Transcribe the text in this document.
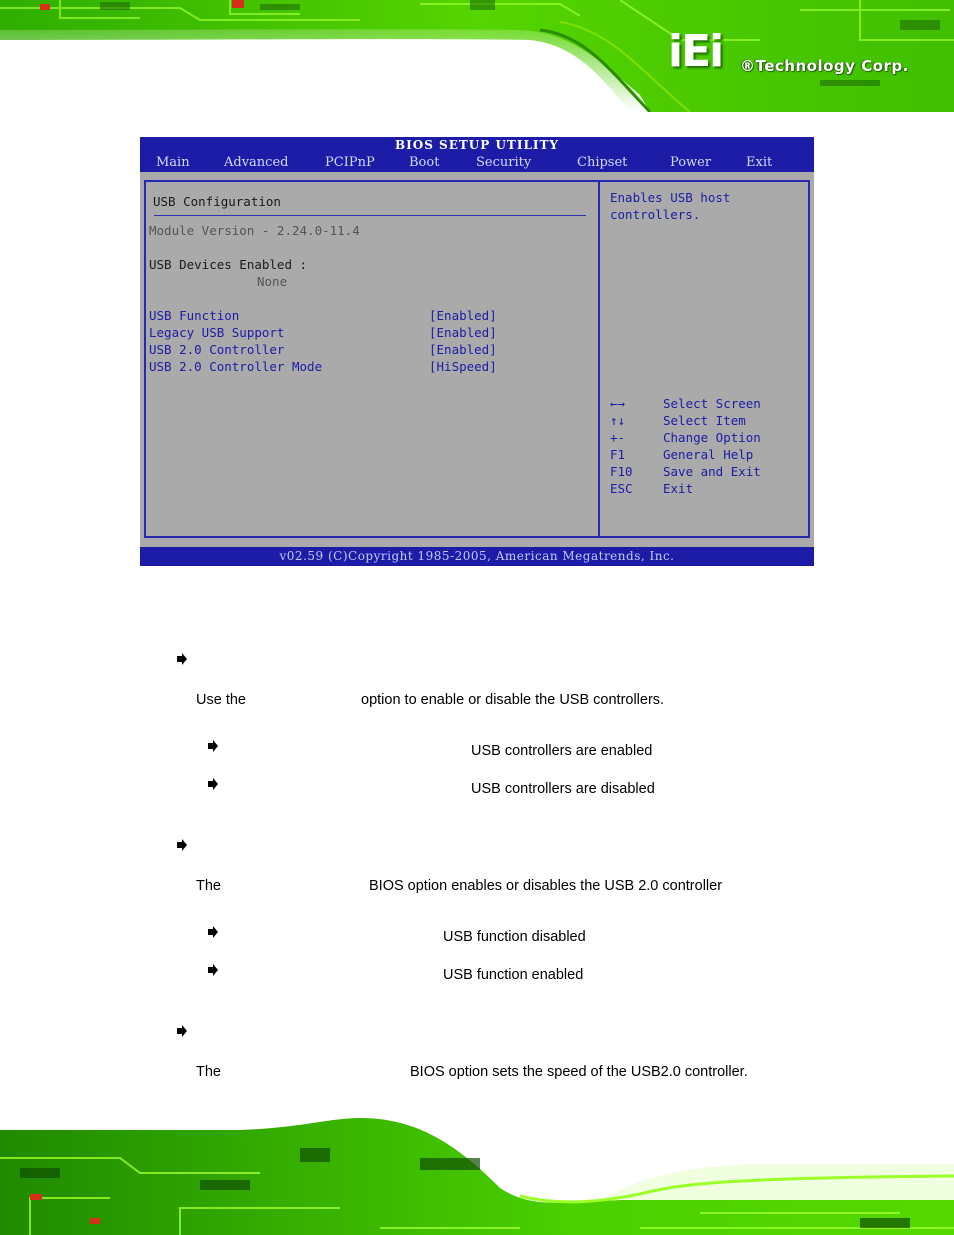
iEi ®Technology Corp.
BIOS SETUP UTILITY
Main	Advanced	PCIPnP	Boot	Security	Chipset	Power	Exit
USB Configuration
Module Version - 2.24.0-11.4
USB Devices Enabled :
None
USB Function	[Enabled]
Legacy USB Support	[Enabled]
USB 2.0 Controller	[Enabled]
USB 2.0 Controller Mode	[HiSpeed]
Enables USB host
controllers.
←→	Select Screen
↑↓	Select Item
+-	Change Option
F1	General Help
F10 Save and Exit
ESC Exit
v02.59 (C)Copyright 1985-2005, American Megatrends, Inc.
Use the	option to enable or disable the USB controllers.
USB controllers are enabled
USB controllers are disabled
The	BIOS option enables or disables the USB 2.0 controller
USB function disabled
USB function enabled
The	BIOS option sets the speed of the USB2.0 controller.
